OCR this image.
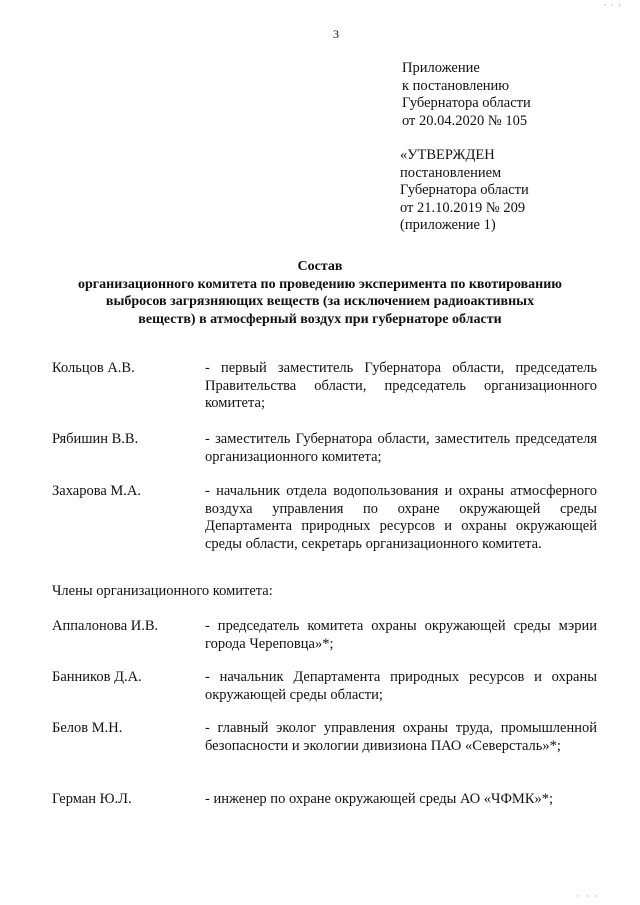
3
Приложение
к постановлению
Губернатора области
от 20.04.2020 № 105
«УТВЕРЖДЕН
постановлением
Губернатора области
от 21.10.2019 № 209
(приложение 1)
Состав
организационного комитета по проведению эксперимента по квотированию
выбросов загрязняющих веществ (за исключением радиоактивных
веществ) в атмосферный воздух при губернаторе области
Кольцов А.В.	- первый заместитель Губернатора области, председатель Правительства области, председатель организационного комитета;
Рябишин В.В.	- заместитель Губернатора области, заместитель председателя организационного комитета;
Захарова М.А.	- начальник отдела водопользования и охраны атмосферного воздуха управления по охране окружающей среды Департамента природных ресурсов и охраны окружающей среды области, секретарь организационного комитета.
Члены организационного комитета:
Аппалонова И.В.	- председатель комитета охраны окружающей среды мэрии города Череповца»*;
Банников Д.А.	- начальник Департамента природных ресурсов и охраны окружающей среды области;
Белов М.Н.	- главный эколог управления охраны труда, промышленной безопасности и экологии дивизиона ПАО «Северсталь»*;
Герман Ю.Л.	- инженер по охране окружающей среды АО «ЧФМК»*;
· · ·
· · ·
